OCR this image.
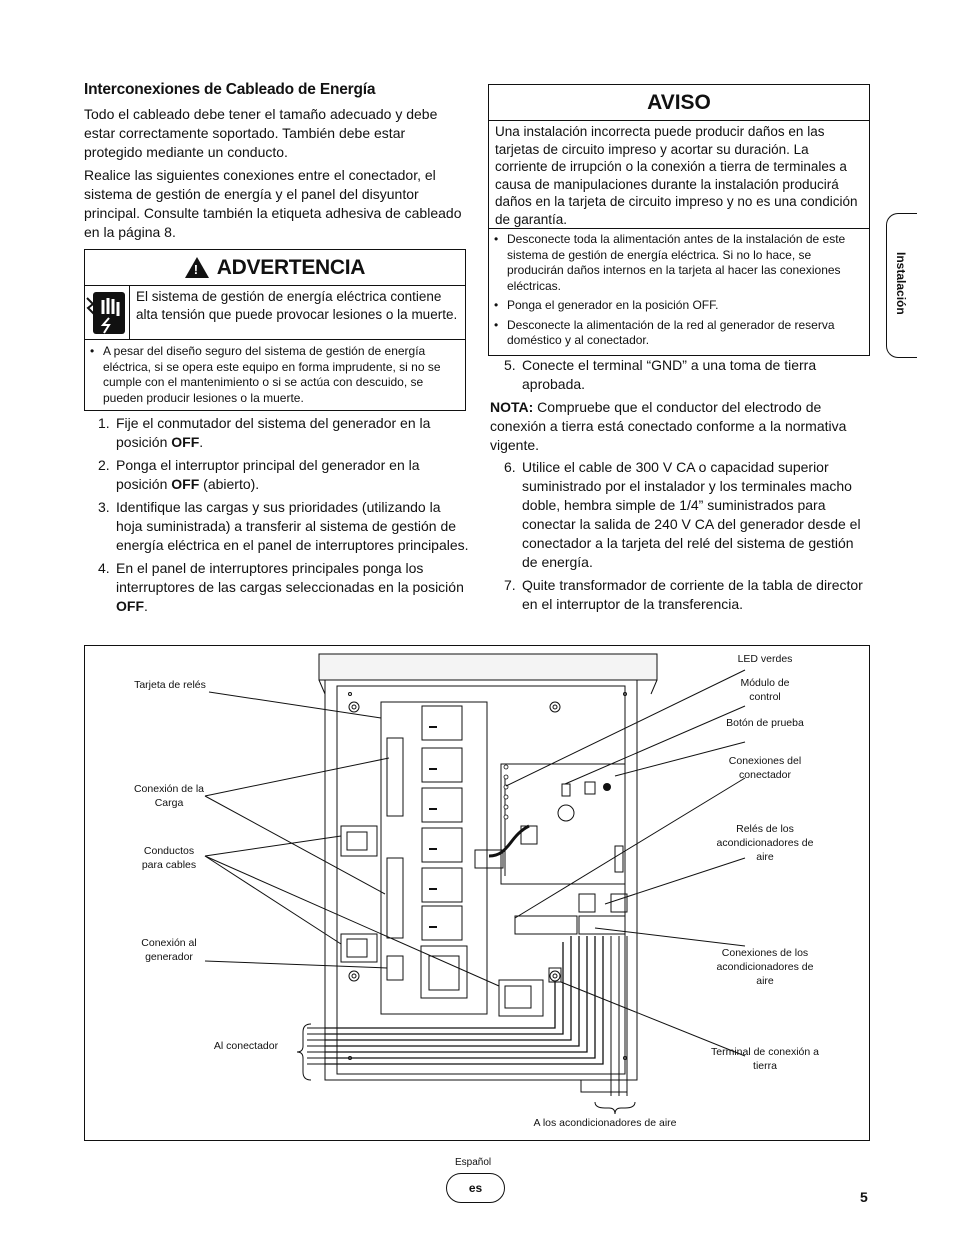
Interconexiones de Cableado de Energía

Todo el cableado debe tener el tamaño adecuado y debe estar correctamente soportado. También debe estar protegido mediante un conducto.

Realice las siguientes conexiones entre el conectador, el sistema de gestión de energía y el panel del disyuntor principal. Consulte también la etiqueta adhesiva de cableado en la página 8.

! ADVERTENCIA
El sistema de gestión de energía eléctrica contiene alta tensión que puede provocar lesiones o la muerte.
• A pesar del diseño seguro del sistema de gestión de energía eléctrica, si se opera este equipo en forma imprudente, si no se cumple con el mantenimiento o si se actúa con descuido, se pueden producir lesiones o la muerte.
1. Fije el conmutador del sistema del generador en la posición OFF.
2. Ponga el interruptor principal del generador en la posición OFF (abierto).
3. Identifique las cargas y sus prioridades (utilizando la hoja suministrada) a transferir al sistema de gestión de energía eléctrica en el panel de interruptores principales.
4. En el panel de interruptores principales ponga los interruptores de las cargas seleccionadas en la posición OFF.
AVISO
Una instalación incorrecta puede producir daños en las tarjetas de circuito impreso y acortar su duración. La corriente de irrupción o la conexión a tierra de terminales a causa de manipulaciones durante la instalación producirá daños en la tarjeta de circuito impreso y no es una condición de garantía.
• Desconecte toda la alimentación antes de la instalación de este sistema de gestión de energía eléctrica. Si no lo hace, se producirán daños internos en la tarjeta al hacer las conexiones eléctricas.
• Ponga el generador en la posición OFF.
• Desconecte la alimentación de la red al generador de reserva doméstico y al conectador.
5. Conecte el terminal “GND” a una toma de tierra aprobada.

NOTA: Compruebe que el conductor del electrodo de conexión a tierra está conectado conforme a la normativa vigente.

6. Utilice el cable de 300 V CA o capacidad superior suministrado por el instalador y los terminales macho doble, hembra simple de 1/4” suministrados para conectar la salida de 240 V CA del generador desde el conectador a la tarjeta del relé del sistema de gestión de energía.
7. Quite transformador de corriente de la tabla de director en el interruptor de la transferencia.
Instalación
Tarjeta de relés
Conexión de la Carga
Conductos para cables
Conexión al generador
Al conectador
LED verdes
Módulo de control
Botón de prueba
Conexiones del conectador
Relés de los acondicionadores de aire
Conexiones de los acondicionadores de aire
Terminal de conexión a tierra
A los acondicionadores de aire
Español
es
5
